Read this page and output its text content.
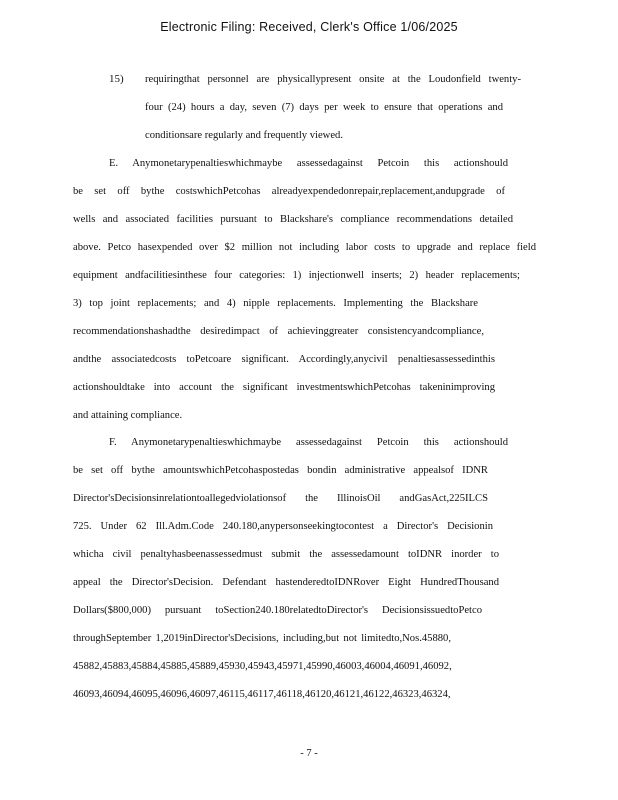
Electronic Filing: Received, Clerk's Office 1/06/2025
15) requiringthat personnel are physicallypresent onsite at the Loudonfield twenty-
four (24) hours a day, seven (7) days per week to ensure that operations and
conditionsare regularly and frequently viewed.
E. Anymonetarypenaltieswhichmaybe assessedagainst Petcoin this actionshould
be set off bythe costswhichPetcohas alreadyexpendedonrepair,replacement,andupgrade of
wells and associated facilities pursuant to Blackshare's compliance recommendations detailed
above. Petco hasexpended over $2 million not including labor costs to upgrade and replace field
equipment andfacilitiesinthese four categories: 1) injectionwell inserts; 2) header replacements;
3) top joint replacements; and 4) nipple replacements. Implementing the Blackshare
recommendationshashadthe desiredimpact of achievinggreater consistencyandcompliance,
andthe associatedcosts toPetcoare significant. Accordingly,anycivil penaltiesassessedinthis
actionshouldtake into account the significant investmentswhichPetcohas takeninimproving
and attaining compliance.
F. Anymonetarypenaltieswhichmaybe assessedagainst Petcoin this actionshould
be set off bythe amountswhichPetcohaspostedas bondin administrative appealsof IDNR
Director'sDecisionsinrelationtoallegedviolationsof the IllinoisOil andGasAct,225ILCS
725. Under 62 Ill.Adm.Code 240.180,anypersonseekingtocontest a Director's Decisionin
whicha civil penaltyhasbeenassessedmust submit the assessedamount toIDNR inorder to
appeal the Director'sDecision. Defendant hastenderedtoIDNRover Eight HundredThousand
Dollars($800,000) pursuant toSection240.180relatedtoDirector's DecisionsissuedtoPetco
throughSeptember 1,2019inDirector'sDecisions, including,but not limitedto,Nos.45880,
45882,45883,45884,45885,45889,45930,45943,45971,45990,46003,46004,46091,46092,
46093,46094,46095,46096,46097,46115,46117,46118,46120,46121,46122,46323,46324,
- 7 -
